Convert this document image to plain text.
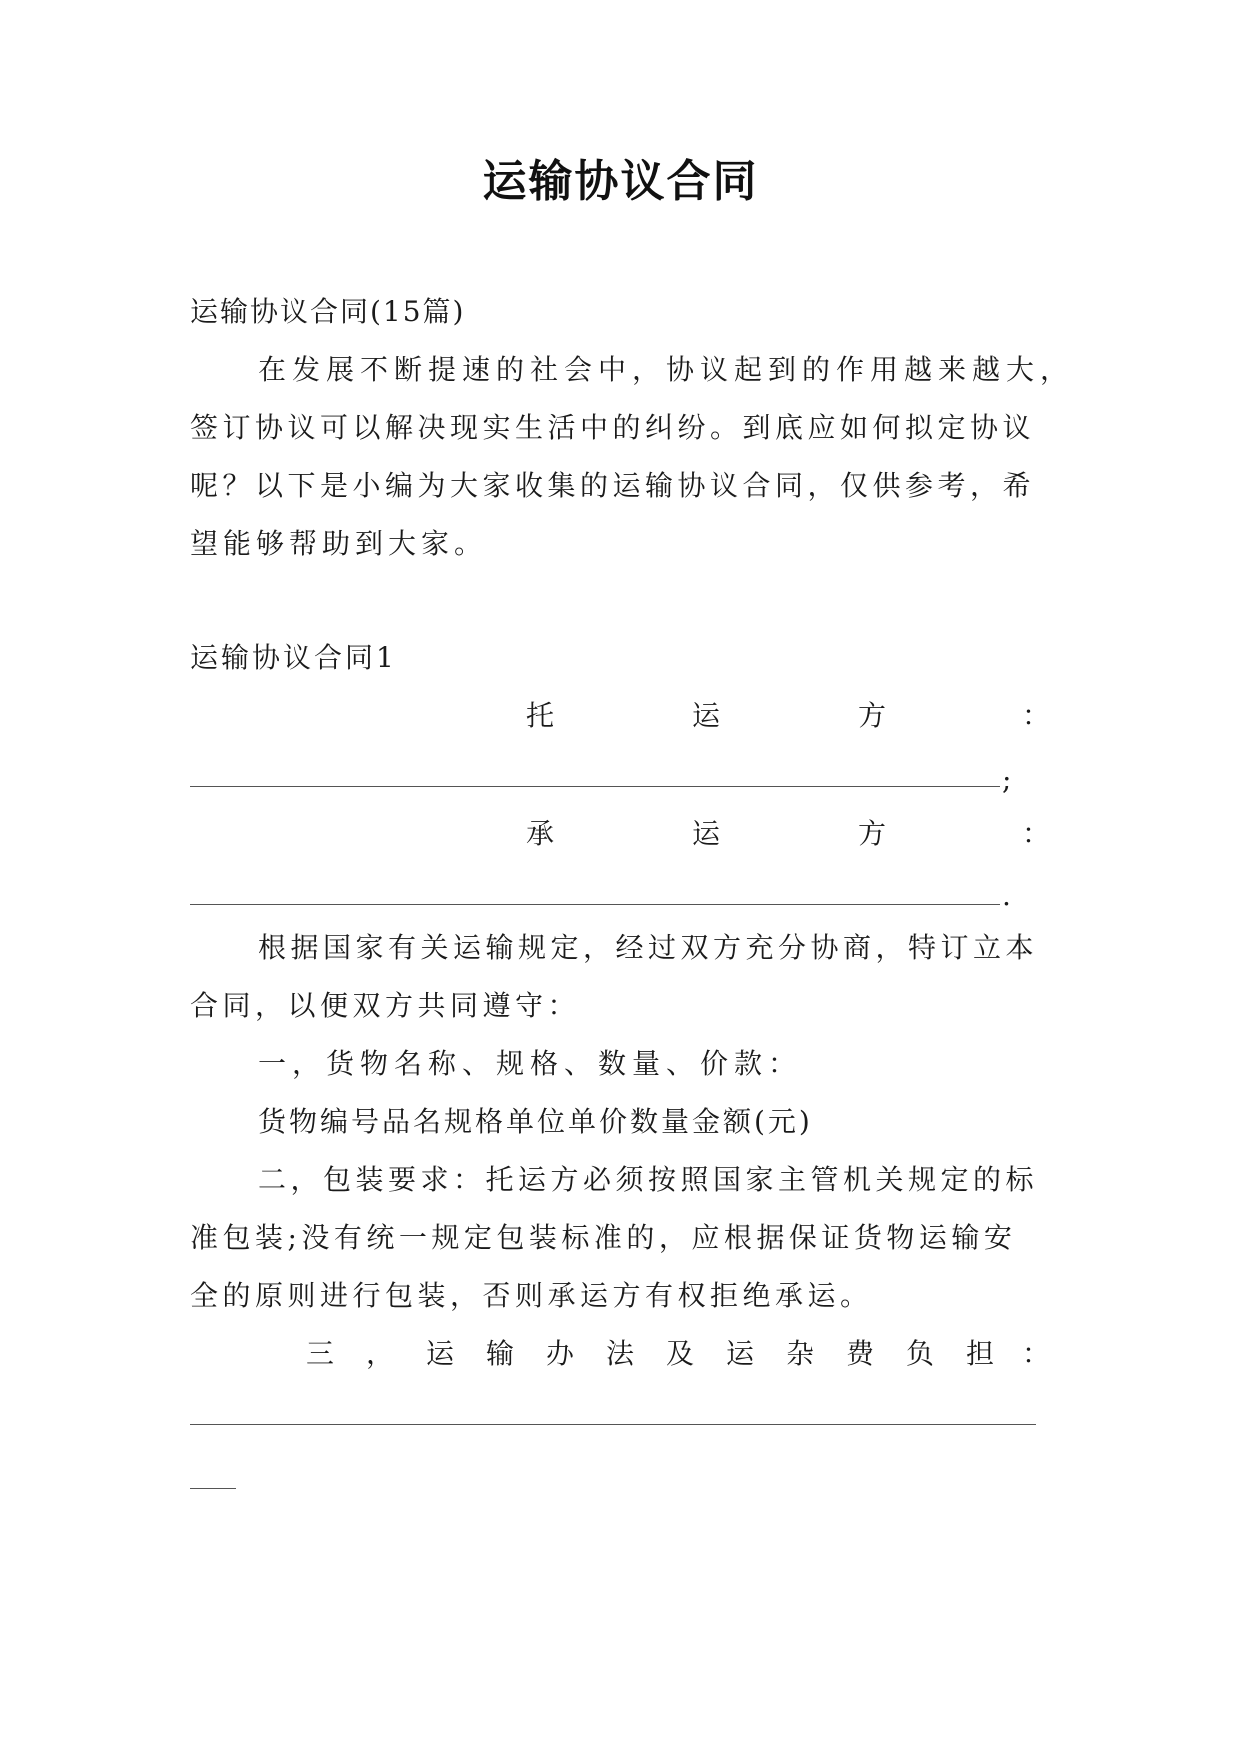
运输协议合同
运输协议合同(15篇)
在发展不断提速的社会中，协议起到的作用越来越大，
签订协议可以解决现实生活中的纠纷。到底应如何拟定协议
呢？以下是小编为大家收集的运输协议合同，仅供参考，希
望能够帮助到大家。
运输协议合同1
托	运	方	：
;
承	运	方	：
.
根据国家有关运输规定，经过双方充分协商，特订立本
合同，以便双方共同遵守：
一，货物名称、规格、数量、价款：
货物编号品名规格单位单价数量金额(元)
二，包装要求：托运方必须按照国家主管机关规定的标
准包装;没有统一规定包装标准的，应根据保证货物运输安
全的原则进行包装，否则承运方有权拒绝承运。
三 ， 运 输 办 法 及 运 杂 费 负 担 ：
